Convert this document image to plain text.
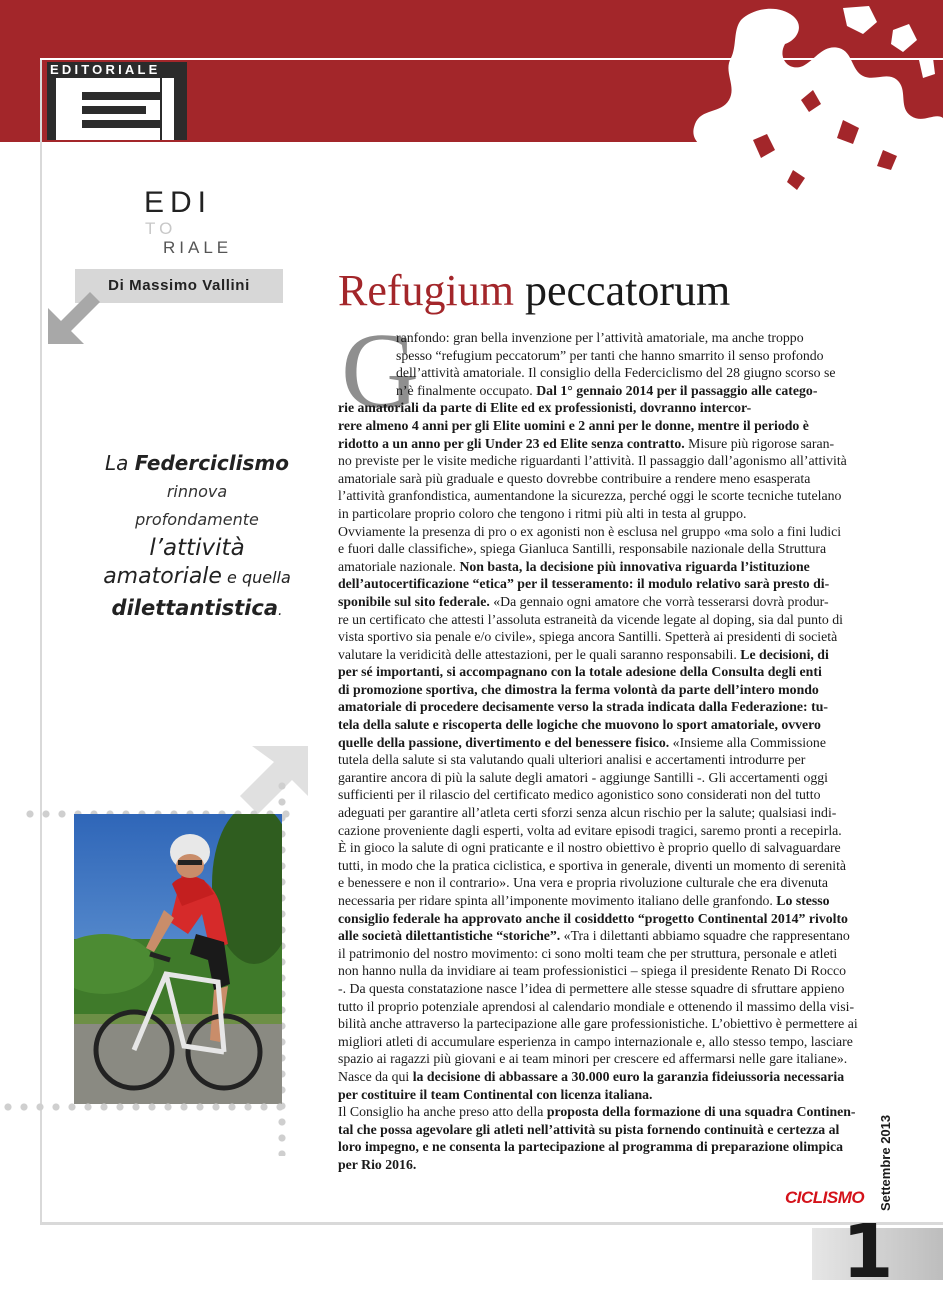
EDITORIALE
EDI
TO
RIALE
Di Massimo Vallini
La Federciclismo
rinnova
profondamente
l’attività
amatoriale e quella
dilettantistica.
Refugium peccatorum
G
ranfondo: gran bella invenzione per l’attività amatoriale, ma anche troppo
spesso “refugium peccatorum” per tanti che hanno smarrito il senso profondo
dell’attività amatoriale. Il consiglio della Federciclismo del 28 giugno scorso se
n’è finalmente occupato. Dal 1° gennaio 2014 per il passaggio alle catego-
rie amatoriali da parte di Elite ed ex professionisti, dovranno intercor-
rere almeno 4 anni per gli Elite uomini e 2 anni per le donne, mentre il periodo è
ridotto a un anno per gli Under 23 ed Elite senza contratto. Misure più rigorose saran-
no previste per le visite mediche riguardanti l’attività. Il passaggio dall’agonismo all’attività
amatoriale sarà più graduale e questo dovrebbe contribuire a rendere meno esasperata
l’attività granfondistica, aumentandone la sicurezza, perché oggi le scorte tecniche tutelano
in particolare proprio coloro che tengono i ritmi più alti in testa al gruppo.
Ovviamente la presenza di pro o ex agonisti non è esclusa nel gruppo «ma solo a fini ludici
e fuori dalle classifiche», spiega Gianluca Santilli, responsabile nazionale della Struttura
amatoriale nazionale. Non basta, la decisione più innovativa riguarda l’istituzione
dell’autocertificazione “etica” per il tesseramento: il modulo relativo sarà presto di-
sponibile sul sito federale. «Da gennaio ogni amatore che vorrà tesserarsi dovrà produr-
re un certificato che attesti l’assoluta estraneità da vicende legate al doping, sia dal punto di
vista sportivo sia penale e/o civile», spiega ancora Santilli. Spetterà ai presidenti di società
valutare la veridicità delle attestazioni, per le quali saranno responsabili. Le decisioni, di
per sé importanti, si accompagnano con la totale adesione della Consulta degli enti
di promozione sportiva, che dimostra la ferma volontà da parte dell’intero mondo
amatoriale di procedere decisamente verso la strada indicata dalla Federazione: tu-
tela della salute e riscoperta delle logiche che muovono lo sport amatoriale, ovvero
quelle della passione, divertimento e del benessere fisico. «Insieme alla Commissione
tutela della salute si sta valutando quali ulteriori analisi e accertamenti introdurre per
garantire ancora di più la salute degli amatori - aggiunge Santilli -. Gli accertamenti oggi
sufficienti per il rilascio del certificato medico agonistico sono considerati non del tutto
adeguati per garantire all’atleta certi sforzi senza alcun rischio per la salute; qualsiasi indi-
cazione proveniente dagli esperti, volta ad evitare episodi tragici, saremo pronti a recepirla.
È in gioco la salute di ogni praticante e il nostro obiettivo è proprio quello di salvaguardare
tutti, in modo che la pratica ciclistica, e sportiva in generale, diventi un momento di serenità
e benessere e non il contrario». Una vera e propria rivoluzione culturale che era divenuta
necessaria per ridare spinta all’imponente movimento italiano delle granfondo. Lo stesso
consiglio federale ha approvato anche il cosiddetto “progetto Continental 2014” rivolto
alle società dilettantistiche “storiche”. «Tra i dilettanti abbiamo squadre che rappresentano
il patrimonio del nostro movimento: ci sono molti team che per struttura, personale e atleti
non hanno nulla da invidiare ai team professionistici – spiega il presidente Renato Di Rocco
-. Da questa constatazione nasce l’idea di permettere alle stesse squadre di sfruttare appieno
tutto il proprio potenziale aprendosi al calendario mondiale e ottenendo il massimo della visi-
bilità anche attraverso la partecipazione alle gare professionistiche. L’obiettivo è permettere ai
migliori atleti di accumulare esperienza in campo internazionale e, allo stesso tempo, lasciare
spazio ai ragazzi più giovani e ai team minori per crescere ed affermarsi nelle gare italiane».
Nasce da qui la decisione di abbassare a 30.000 euro la garanzia fideiussoria necessaria
per costituire il team Continental con licenza italiana.
Il Consiglio ha anche preso atto della proposta della formazione di una squadra Continen-
tal che possa agevolare gli atleti nell’attività su pista fornendo continuità e certezza al
loro impegno, e ne consenta la partecipazione al programma di preparazione olimpica
per Rio 2016.
CICLISMO Settembre 2013
1
